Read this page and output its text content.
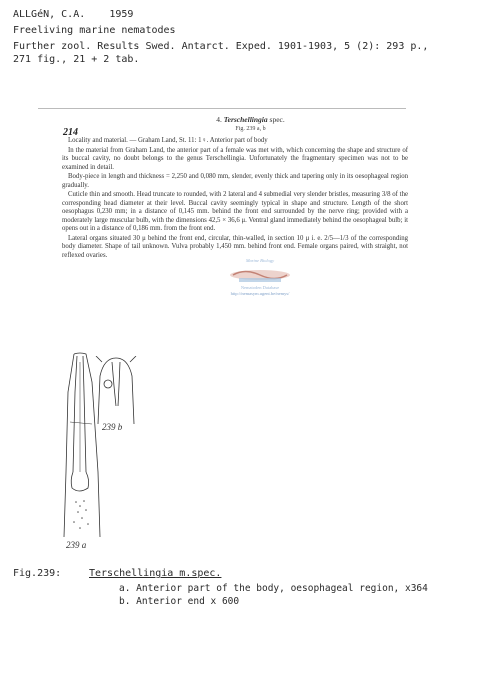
ALLGéN, C.A.    1959
Freeliving marine nematodes
Further zool. Results Swed. Antarct. Exped. 1901-1903, 5 (2): 293 p.,
271 fig., 21 + 2 tab.
214
4. Terschellingia spec.
Fig. 239 a, b

Locality and material. — Graham Land, St. 11: 1♀. Anterior part of body

In the material from Graham Land, the anterior part of a female was met with, which concerning the shape and structure of its buccal cavity, no doubt belongs to the genus Terschellingia. Unfortunately the fragmentary specimen was not to be examined in detail.

Body-piece in length and thickness = 2,250 and 0,080 mm, slender, evenly thick and tapering only in its oesophageal region gradually.

Cuticle thin and smooth. Head truncate to rounded, with 2 lateral and 4 submedial very slender bristles, measuring 3/8 of the corresponding head diameter at their level. Buccal cavity seemingly typical in shape and structure. Length of the short oesophagus 0,230 mm; in a distance of 0,145 mm. behind the front end surrounded by the nerve ring; provided with a moderately large muscular bulb, with the dimensions 42,5 × 36,6 μ. Ventral gland immediately behind the oesophageal bulb; it opens out in a distance of 0,186 mm. from the front end.

Lateral organs situated 30 μ behind the front end, circular, thin-walled, in section 10 μ i. e. 2/5—1/3 of the corresponding body diameter. Shape of tail unknown. Vulva probably 1,450 mm. behind front end. Female organs paired, with straight, not reflexed ovaries.

Marine Biology
Nematoden Database
http://nemasym.ugent.be/nemys/
239 a
239 b
Fig.239:	Terschellingia m.spec.
a. Anterior part of the body, oesophageal region, x364
b. Anterior end x 600
